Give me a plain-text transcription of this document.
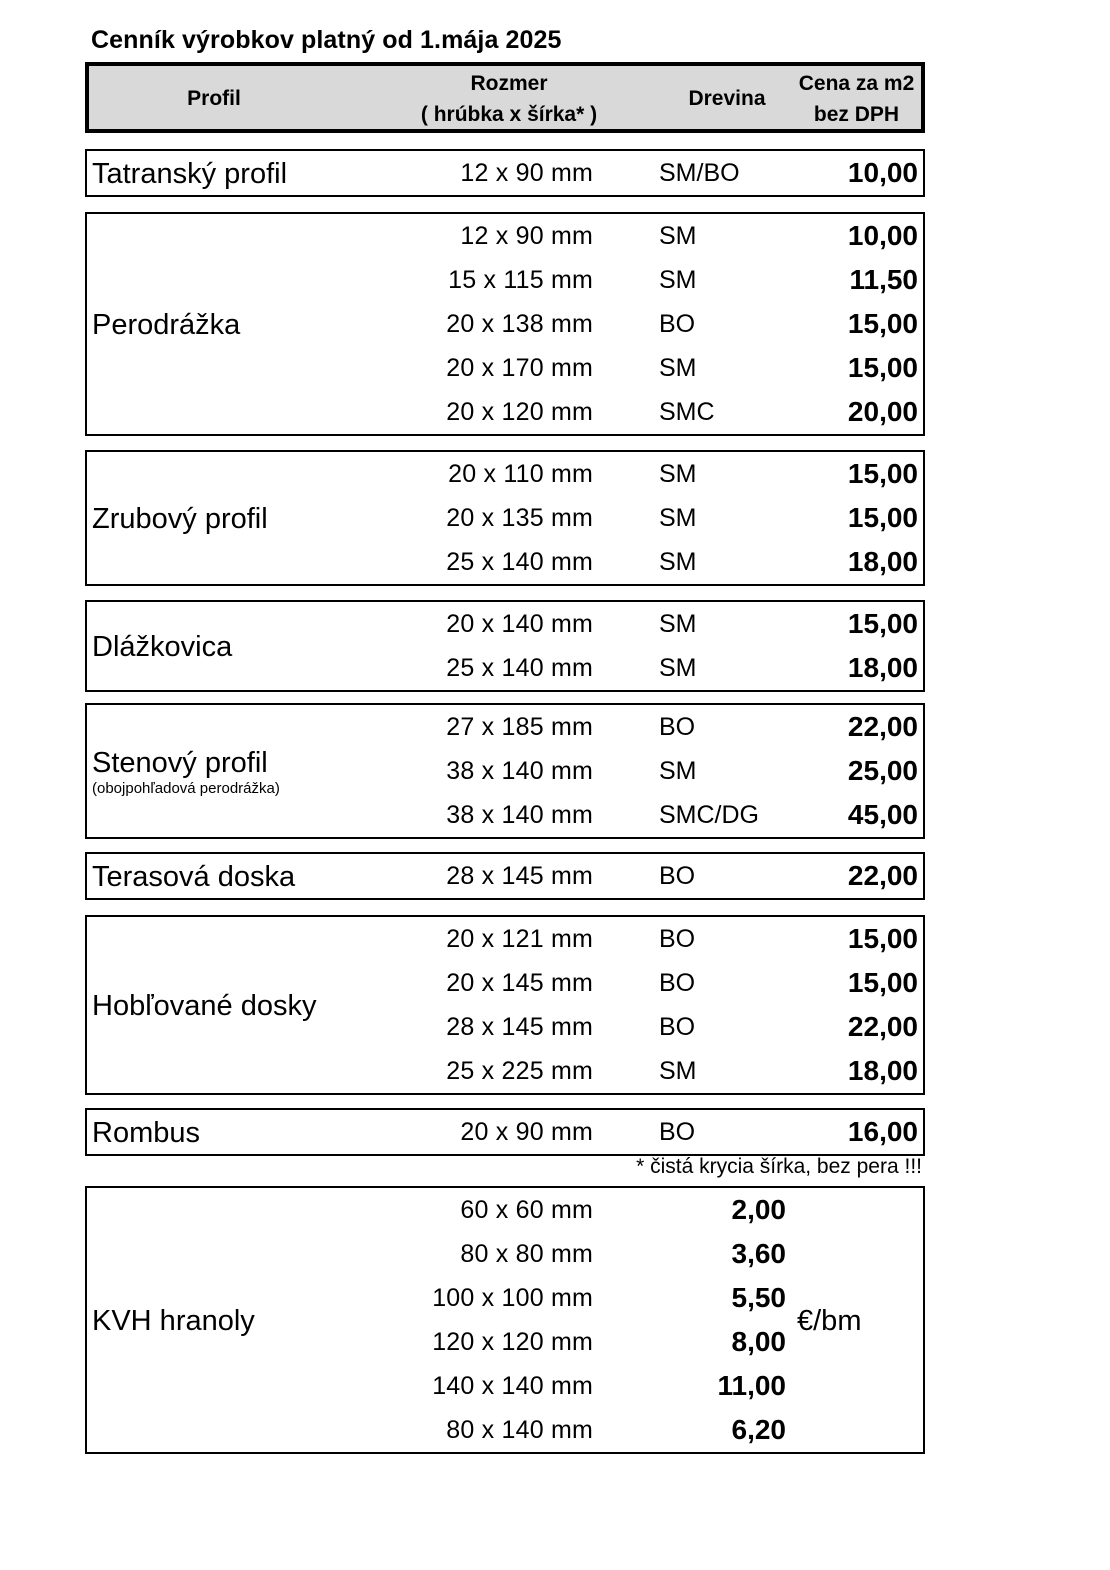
Cenník výrobkov platný od 1.mája 2025
Profil
Rozmer
( hrúbka x šírka* )
Drevina
Cena za m2
bez DPH
Tatranský profil	12 x 90 mm	SM/BO	10,00
Perodrážka
12 x 90 mm	SM	10,00
15 x 115 mm	SM	11,50
20 x 138 mm	BO	15,00
20 x 170 mm	SM	15,00
20 x 120 mm	SMC	20,00
Zrubový profil
20 x 110 mm	SM	15,00
20 x 135 mm	SM	15,00
25 x 140 mm	SM	18,00
Dlážkovica
20 x 140 mm	SM	15,00
25 x 140 mm	SM	18,00
Stenový profil
(obojpohľadová perodrážka)
27 x 185 mm	BO	22,00
38 x 140 mm	SM	25,00
38 x 140 mm	SMC/DG	45,00
Terasová doska	28 x 145 mm	BO	22,00
Hobľované dosky
20 x 121 mm	BO	15,00
20 x 145 mm	BO	15,00
28 x 145 mm	BO	22,00
25 x 225 mm	SM	18,00
Rombus	20 x 90 mm	BO	16,00
* čistá krycia šírka, bez pera !!!
KVH hranoly	€/bm
60 x 60 mm	2,00
80 x 80 mm	3,60
100 x 100 mm	5,50
120 x 120 mm	8,00
140 x 140 mm	11,00
80 x 140 mm	6,20
